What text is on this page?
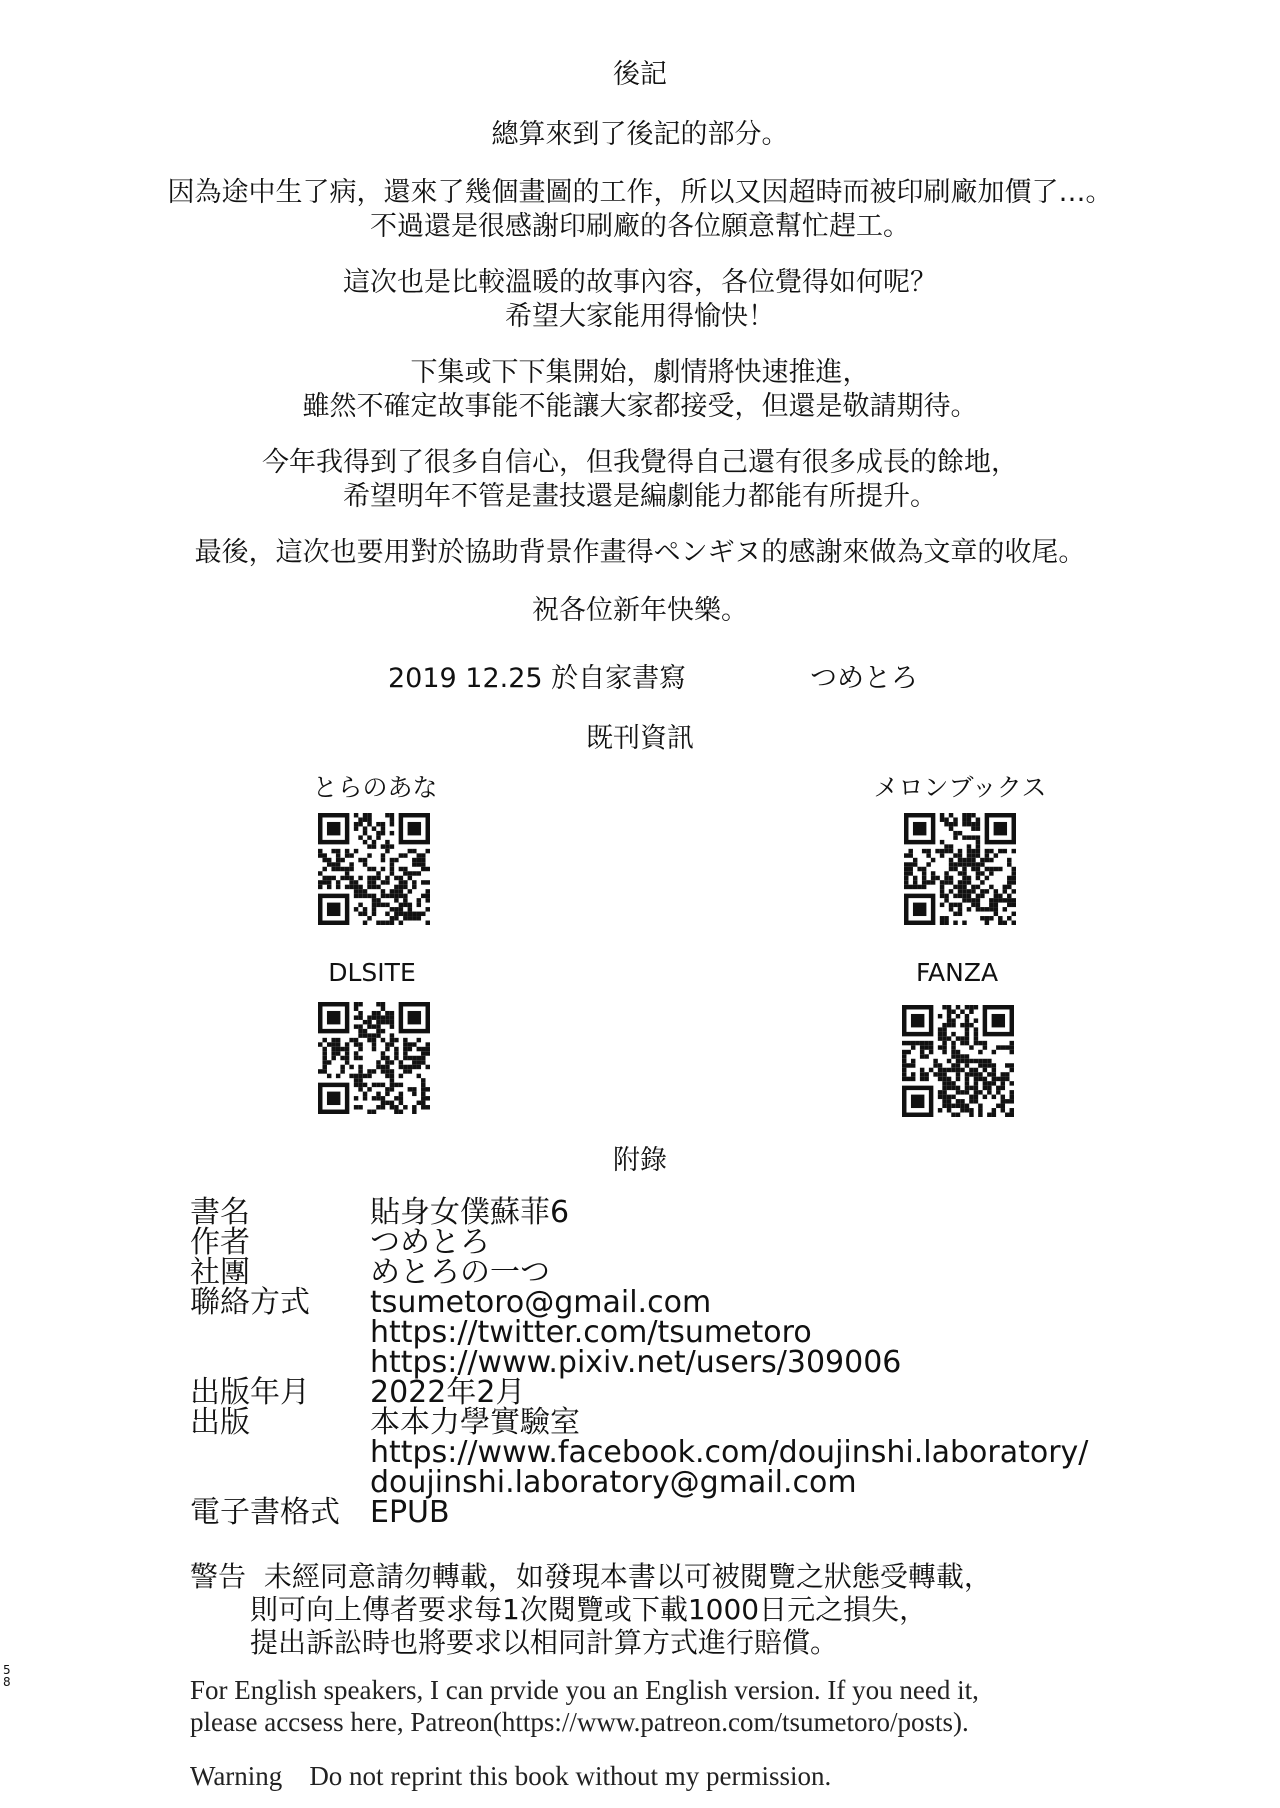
後記

總算來到了後記的部分。

因為途中生了病，還來了幾個畫圖的工作，所以又因超時而被印刷廠加價了…。

不過還是很感謝印刷廠的各位願意幫忙趕工。

這次也是比較溫暖的故事內容，各位覺得如何呢？

希望大家能用得愉快！

下集或下下集開始，劇情將快速推進，

雖然不確定故事能不能讓大家都接受，但還是敬請期待。

今年我得到了很多自信心，但我覺得自己還有很多成長的餘地，

希望明年不管是畫技還是編劇能力都能有所提升。

最後，這次也要用對於協助背景作畫得ペンギヌ的感謝來做為文章的收尾。

祝各位新年快樂。

2019 12.25 於自家書寫	つめとろ

既刊資訊

とらのあな	メロンブックス
DLSITE	FANZA

附錄

書名	貼身女僕蘇菲6
作者	つめとろ
社團	めとろの一つ
聯絡方式	tsumetoro@gmail.com
https://twitter.com/tsumetoro
https://www.pixiv.net/users/309006
出版年月	2022年2月
出版	本本力學實驗室
https://www.facebook.com/doujinshi.laboratory/
doujinshi.laboratory@gmail.com
電子書格式	EPUB
警告 未經同意請勿轉載，如發現本書以可被閱覽之狀態受轉載，
則可向上傳者要求每1次閱覽或下載1000日元之損失，
提出訴訟時也將要求以相同計算方式進行賠償。
For English speakers, I can prvide you an English version. If you need it,
please accsess here, Patreon(https://www.patreon.com/tsumetoro/posts).
Warning Do not reprint this book without my permission.
5
8
